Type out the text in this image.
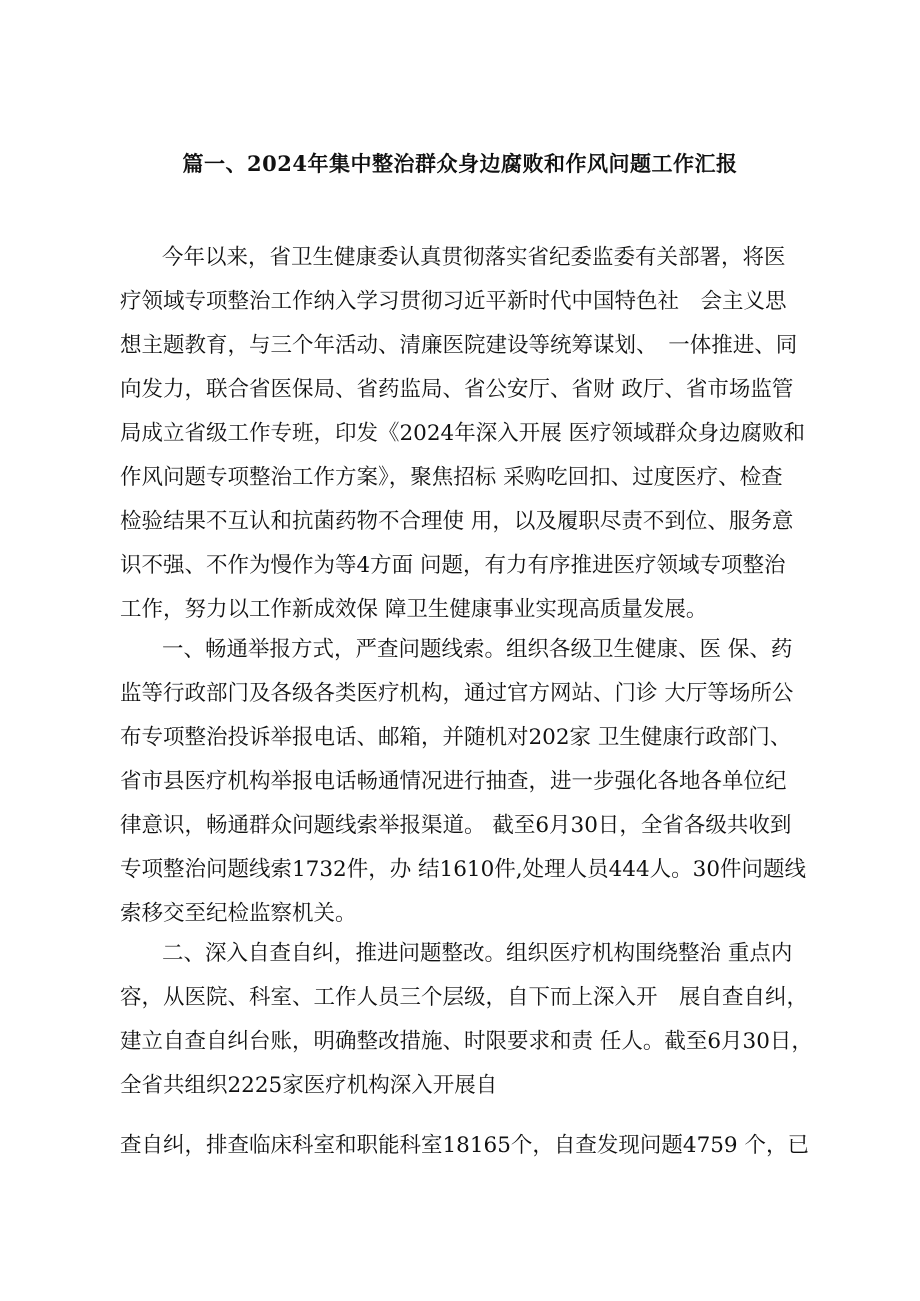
篇一、2024年集中整治群众身边腐败和作风问题工作汇报
今年以来，省卫生健康委认真贯彻落实省纪委监委有关部署，将医
疗领域专项整治工作纳入学习贯彻习近平新时代中国特色社　会主义思
想主题教育，与三个年活动、清廉医院建设等统筹谋划、　一体推进、同
向发力，联合省医保局、省药监局、省公安厅、省财 政厅、省市场监管
局成立省级工作专班，印发《2024年深入开展 医疗领域群众身边腐败和
作风问题专项整治工作方案》，聚焦招标 采购吃回扣、过度医疗、检查
检验结果不互认和抗菌药物不合理使 用，以及履职尽责不到位、服务意
识不强、不作为慢作为等4方面 问题，有力有序推进医疗领域专项整治
工作，努力以工作新成效保 障卫生健康事业实现高质量发展。
一、畅通举报方式，严查问题线索。组织各级卫生健康、医 保、药
监等行政部门及各级各类医疗机构，通过官方网站、门诊 大厅等场所公
布专项整治投诉举报电话、邮箱，并随机对202家 卫生健康行政部门、
省市县医疗机构举报电话畅通情况进行抽查，进一步强化各地各单位纪
律意识，畅通群众问题线索举报渠道。 截至6月30日，全省各级共收到
专项整治问题线索1732件，办 结1610件,处理人员444人。30件问题线
索移交至纪检监察机关。
二、深入自查自纠，推进问题整改。组织医疗机构围绕整治 重点内
容，从医院、科室、工作人员三个层级，自下而上深入开　展自查自纠，
建立自查自纠台账，明确整改措施、时限要求和责 任人。截至6月30日，
全省共组织2225家医疗机构深入开展自
查自纠，排查临床科室和职能科室18165个，自查发现问题4759 个，已
